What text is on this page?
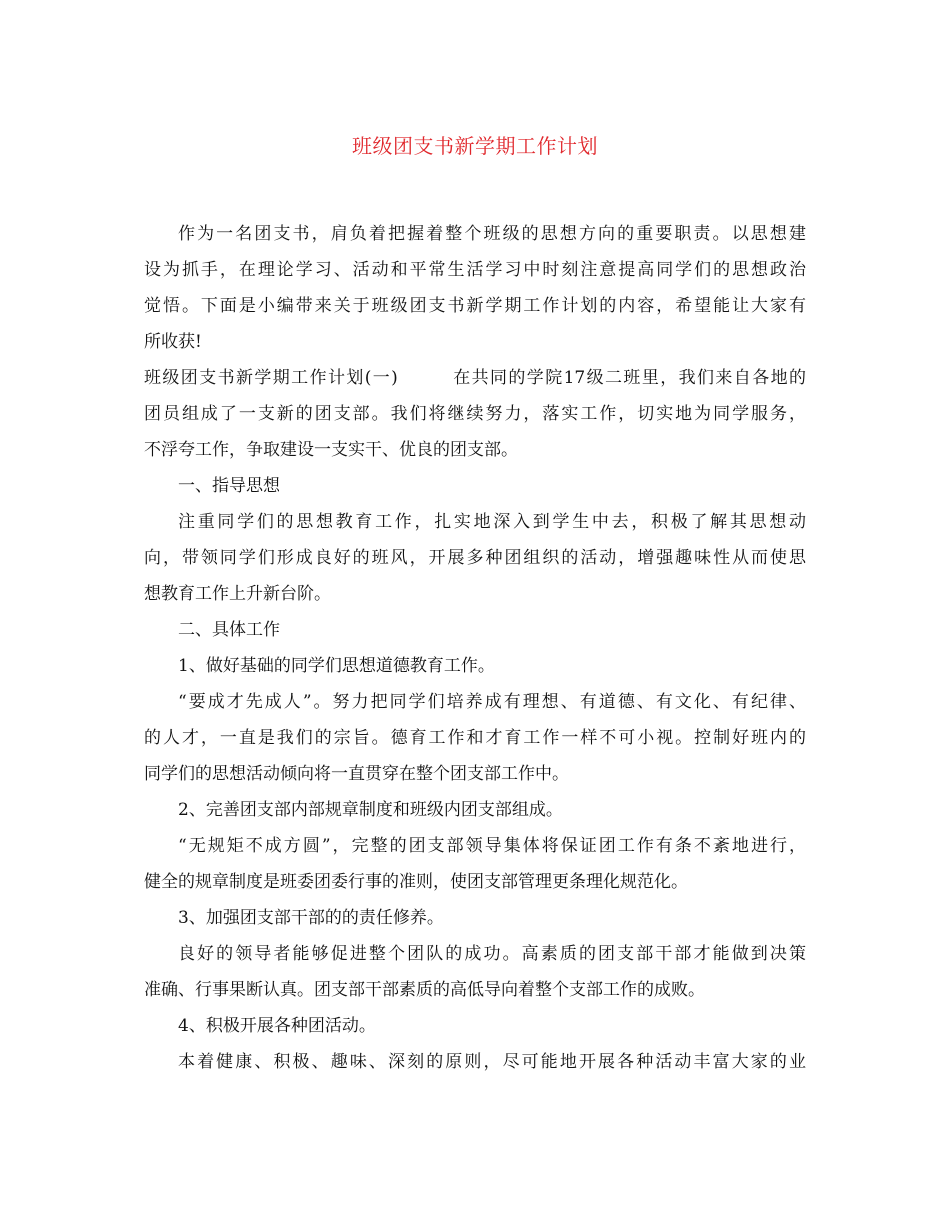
班级团支书新学期工作计划
作为一名团支书，肩负着把握着整个班级的思想方向的重要职责。以思想建
设为抓手，在理论学习、活动和平常生活学习中时刻注意提高同学们的思想政治
觉悟。下面是小编带来关于班级团支书新学期工作计划的内容，希望能让大家有
所收获!
班级团支书新学期工作计划(一)	在共同的学院17级二班里，我们来自各地的
团员组成了一支新的团支部。我们将继续努力，落实工作，切实地为同学服务，
不浮夸工作，争取建设一支实干、优良的团支部。
一、指导思想
注重同学们的思想教育工作，扎实地深入到学生中去，积极了解其思想动
向，带领同学们形成良好的班风，开展多种团组织的活动，增强趣味性从而使思
想教育工作上升新台阶。
二、具体工作
1、做好基础的同学们思想道德教育工作。
“要成才先成人”。努力把同学们培养成有理想、有道德、有文化、有纪律、
的人才，一直是我们的宗旨。德育工作和才育工作一样不可小视。控制好班内的
同学们的思想活动倾向将一直贯穿在整个团支部工作中。
2、完善团支部内部规章制度和班级内团支部组成。
“无规矩不成方圆”，完整的团支部领导集体将保证团工作有条不紊地进行，
健全的规章制度是班委团委行事的准则，使团支部管理更条理化规范化。
3、加强团支部干部的的责任修养。
良好的领导者能够促进整个团队的成功。高素质的团支部干部才能做到决策
准确、行事果断认真。团支部干部素质的高低导向着整个支部工作的成败。
4、积极开展各种团活动。
本着健康、积极、趣味、深刻的原则，尽可能地开展各种活动丰富大家的业
